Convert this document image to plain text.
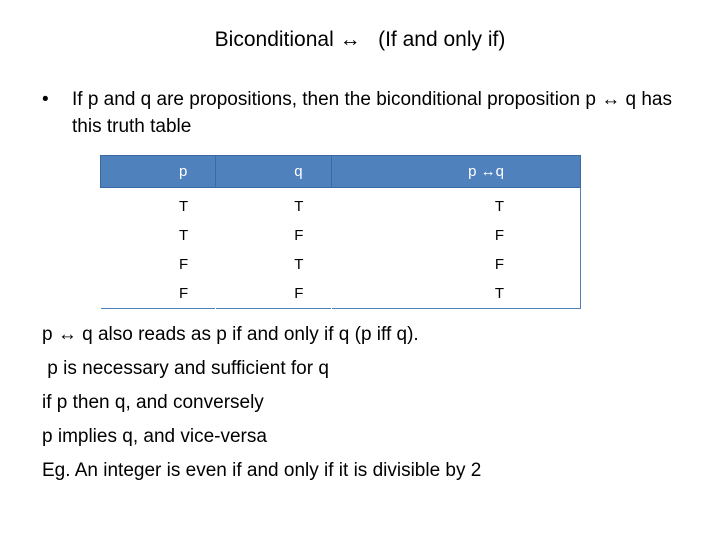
Biconditional ↔   (If and only if)
• If p and q are propositions, then the biconditional proposition p ↔ q has this truth table
p	q	p ↔q
T	T	T
T	F	F
F	T	F
F	F	T
p ↔ q also reads as p if and only if q (p iff q).
p is necessary and sufficient for q
if p then q, and conversely
p implies q, and vice-versa
Eg. An integer is even if and only if it is divisible by 2
